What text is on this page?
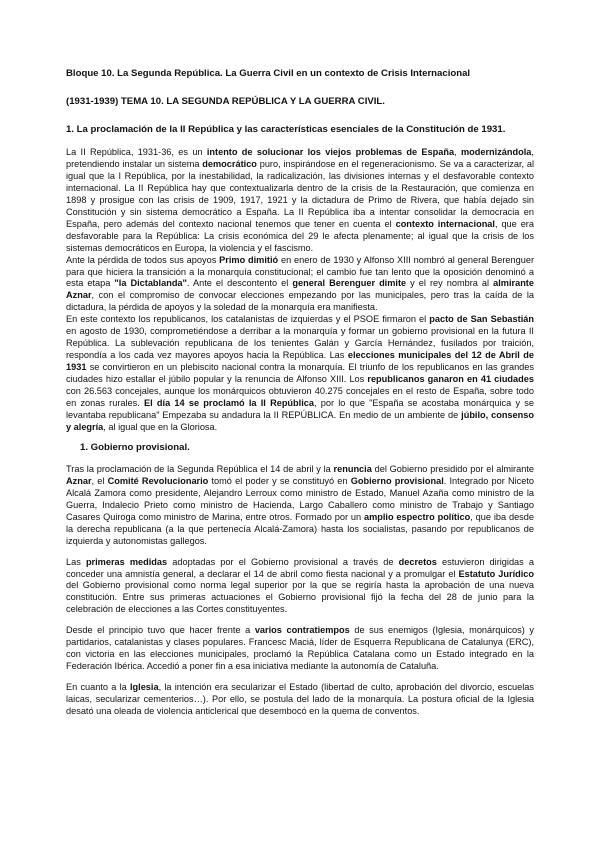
Bloque 10. La Segunda República. La Guerra Civil en un contexto de Crisis Internacional

(1931-1939) TEMA 10. LA SEGUNDA REPÚBLICA Y LA GUERRA CIVIL.

1. La proclamación de la II República y las características esenciales de la Constitución de 1931.

La II República, 1931-36, es un intento de solucionar los viejos problemas de España, modernizándola, pretendiendo instalar un sistema democrático puro, inspirándose en el regeneracionismo. Se va a caracterizar, al igual que la I República, por la inestabilidad, la radicalización, las divisiones internas y el desfavorable contexto internacional. La II República hay que contextualizarla dentro de la crisis de la Restauración, que comienza en 1898 y prosigue con las crisis de 1909, 1917, 1921 y la dictadura de Primo de Rivera, que había dejado sin Constitución y sin sistema democrático a España. La II República iba a intentar consolidar la democracia en España, pero además del contexto nacional tenemos que tener en cuenta el contexto internacional, que era desfavorable para la República: La crisis económica del 29 le afecta plenamente; al igual que la crisis de los sistemas democráticos en Europa, la violencia y el fascismo.

Ante la pérdida de todos sus apoyos Primo dimitió en enero de 1930 y Alfonso XIII nombró al general Berenguer para que hiciera la transición a la monarquía constitucional; el cambio fue tan lento que la oposición denominó a esta etapa "la Dictablanda". Ante el descontento el general Berenguer dimite y el rey nombra al almirante Aznar, con el compromiso de convocar elecciones empezando por las municipales, pero tras la caída de la dictadura, la pérdida de apoyos y la soledad de la monarquía era manifiesta.

En este contexto los republicanos, los catalanistas de izquierdas y el PSOE firmaron el pacto de San Sebastián en agosto de 1930, comprometiéndose a derribar a la monarquía y formar un gobierno provisional en la futura II República. La sublevación republicana de los tenientes Galán y García Hernández, fusilados por traición, respondía a los cada vez mayores apoyos hacia la República. Las elecciones municipales del 12 de Abril de 1931 se convirtieron en un plebiscito nacional contra la monarquía. El triunfo de los republicanos en las grandes ciudades hizo estallar el júbilo popular y la renuncia de Alfonso XIII. Los republicanos ganaron en 41 ciudades con 26.563 concejales, aunque los monárquicos obtuvieron 40.275 concejales en el resto de España, sobre todo en zonas rurales. El día 14 se proclamó la II República, por lo que "España se acostaba monárquica y se levantaba republicana" Empezaba su andadura la II REPÚBLICA. En medio de un ambiente de júbilo, consenso y alegría, al igual que en la Gloriosa.

1. Gobierno provisional.

Tras la proclamación de la Segunda República el 14 de abril y la renuncia del Gobierno presidido por el almirante Aznar, el Comité Revolucionario tomó el poder y se constituyó en Gobierno provisional. Integrado por Niceto Alcalá Zamora como presidente, Alejandro Lerroux como ministro de Estado, Manuel Azaña como ministro de la Guerra, Indalecio Prieto como ministro de Hacienda, Largo Caballero como ministro de Trabajo y Santiago Casares Quiroga como ministro de Marina, entre otros. Formado por un amplio espectro político, que iba desde la derecha republicana (a la que pertenecía Alcalá-Zamora) hasta los socialistas, pasando por republicanos de izquierda y autonomistas gallegos.

Las primeras medidas adoptadas por el Gobierno provisional a través de decretos estuvieron dirigidas a conceder una amnistía general, a declarar el 14 de abril como fiesta nacional y a promulgar el Estatuto Jurídico del Gobierno provisional como norma legal superior por la que se regiría hasta la aprobación de una nueva constitución. Entre sus primeras actuaciones el Gobierno provisional fijó la fecha del 28 de junio para la celebración de elecciones a las Cortes constituyentes.

Desde el principio tuvo que hacer frente a varios contratiempos de sus enemigos (Iglesia, monárquicos) y partidarios, catalanistas y clases populares. Francesc Maciá, líder de Esquerra Republicana de Catalunya (ERC), con victoria en las elecciones municipales, proclamó la República Catalana como un Estado integrado en la Federación Ibérica. Accedió a poner fin a esa iniciativa mediante la autonomía de Cataluña.

En cuanto a la Iglesia, la intención era secularizar el Estado (libertad de culto, aprobación del divorcio, escuelas laicas, secularizar cementerios…). Por ello, se postula del lado de la monarquía. La postura oficial de la Iglesia desató una oleada de violencia anticlerical que desembocó en la quema de conventos.
